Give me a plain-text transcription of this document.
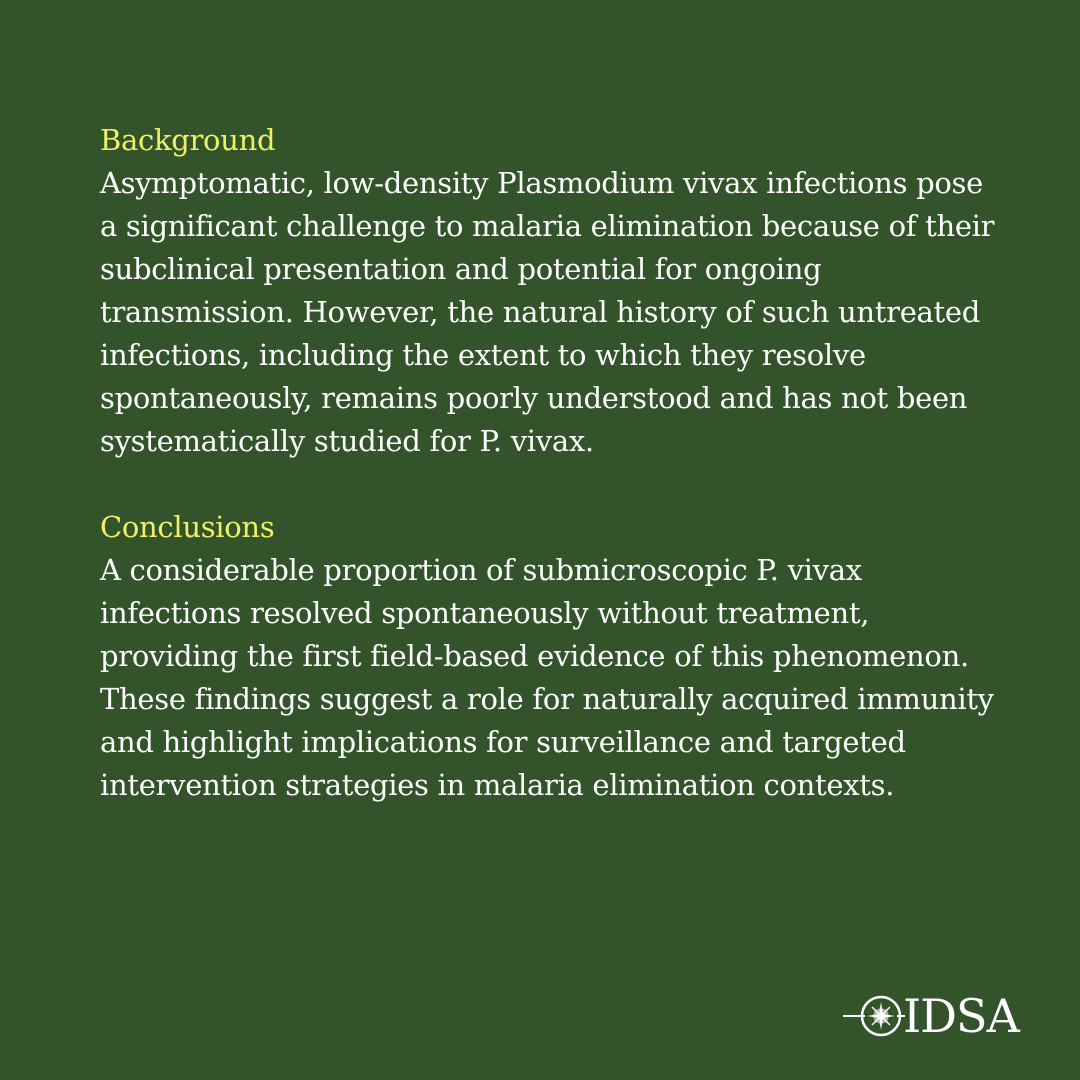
Background

Asymptomatic, low-density Plasmodium vivax infections pose a significant challenge to malaria elimination because of their subclinical presentation and potential for ongoing transmission. However, the natural history of such untreated infections, including the extent to which they resolve spontaneously, remains poorly understood and has not been systematically studied for P. vivax.

Conclusions

A considerable proportion of submicroscopic P. vivax infections resolved spontaneously without treatment, providing the first field-based evidence of this phenomenon. These findings suggest a role for naturally acquired immunity and highlight implications for surveillance and targeted intervention strategies in malaria elimination contexts.

IDSA
